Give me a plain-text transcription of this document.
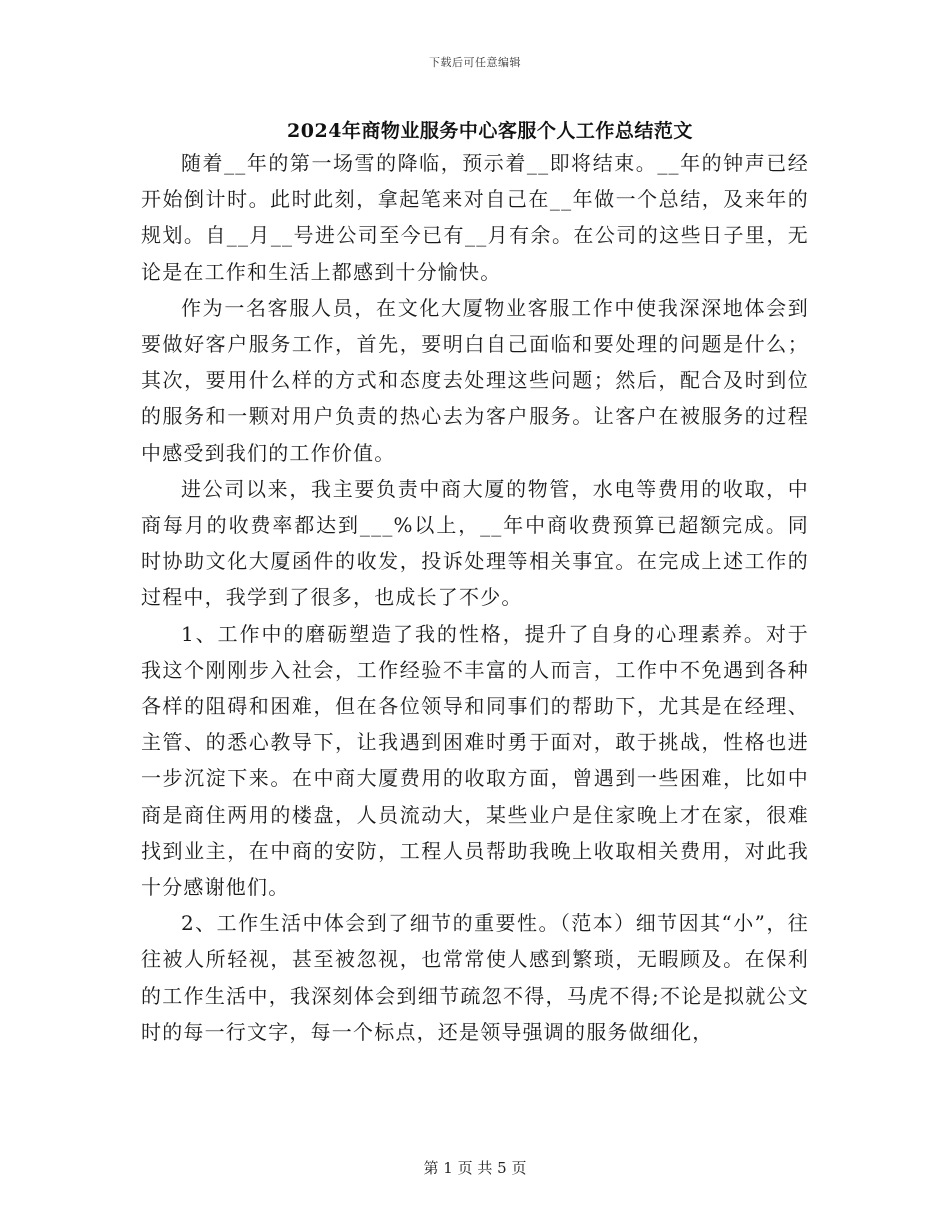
下载后可任意编辑
2024年商物业服务中心客服个人工作总结范文

随着__年的第一场雪的降临，预示着__即将结束。__年的钟声已经开始倒计时。此时此刻，拿起笔来对自己在__年做一个总结，及来年的规划。自__月__号进公司至今已有__月有余。在公司的这些日子里，无论是在工作和生活上都感到十分愉快。

作为一名客服人员，在文化大厦物业客服工作中使我深深地体会到要做好客户服务工作，首先，要明白自己面临和要处理的问题是什么；其次，要用什么样的方式和态度去处理这些问题；然后，配合及时到位的服务和一颗对用户负责的热心去为客户服务。让客户在被服务的过程中感受到我们的工作价值。

进公司以来，我主要负责中商大厦的物管，水电等费用的收取，中商每月的收费率都达到___%以上，__年中商收费预算已超额完成。同时协助文化大厦函件的收发，投诉处理等相关事宜。在完成上述工作的过程中，我学到了很多，也成长了不少。

1、工作中的磨砺塑造了我的性格，提升了自身的心理素养。对于我这个刚刚步入社会，工作经验不丰富的人而言，工作中不免遇到各种各样的阻碍和困难，但在各位领导和同事们的帮助下，尤其是在经理、主管、的悉心教导下，让我遇到困难时勇于面对，敢于挑战，性格也进一步沉淀下来。在中商大厦费用的收取方面，曾遇到一些困难，比如中商是商住两用的楼盘，人员流动大，某些业户是住家晚上才在家，很难找到业主，在中商的安防，工程人员帮助我晚上收取相关费用，对此我十分感谢他们。

2、工作生活中体会到了细节的重要性。（范本）细节因其“小”，往往被人所轻视，甚至被忽视，也常常使人感到繁琐，无暇顾及。在保利的工作生活中，我深刻体会到细节疏忽不得，马虎不得;不论是拟就公文时的每一行文字，每一个标点，还是领导强调的服务做细化，

第 1 页 共 5 页
